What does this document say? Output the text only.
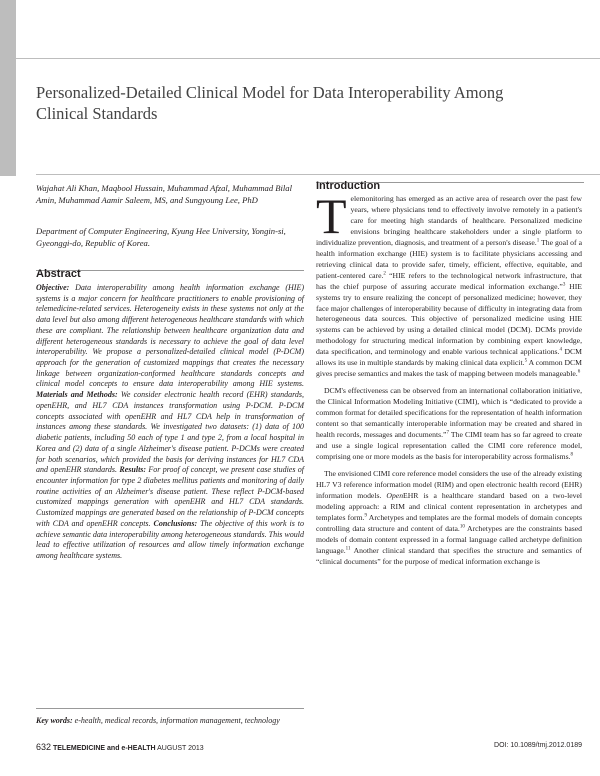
Personalized-Detailed Clinical Model for Data Interoperability Among Clinical Standards
Wajahat Ali Khan, Maqbool Hussain, Muhammad Afzal, Muhammad Bilal Amin, Muhammad Aamir Saleem, MS, and Sungyoung Lee, PhD
Department of Computer Engineering, Kyung Hee University, Yongin-si, Gyeonggi-do, Republic of Korea.
Abstract

Objective: Data interoperability among health information exchange (HIE) systems is a major concern for healthcare practitioners to enable provisioning of telemedicine-related services. Heterogeneity exists in these systems not only at the data level but also among different heterogeneous healthcare standards with which these are compliant. The relationship between healthcare organization data and different heterogeneous standards is necessary to achieve the goal of data level interoperability. We propose a personalized-detailed clinical model (P-DCM) approach for the generation of customized mappings that creates the necessary linkage between organization-conformed healthcare standards concepts and clinical model concepts to ensure data interoperability among HIE systems. Materials and Methods: We consider electronic health record (EHR) standards, openEHR, and HL7 CDA instances transformation using P-DCM. P-DCM concepts associated with openEHR and HL7 CDA help in transformation of instances among these standards. We investigated two datasets: (1) data of 100 diabetic patients, including 50 each of type 1 and type 2, from a local hospital in Korea and (2) data of a single Alzheimer's disease patient. P-DCMs were created for both scenarios, which provided the basis for deriving instances for HL7 CDA and openEHR standards. Results: For proof of concept, we present case studies of encounter information for type 2 diabetes mellitus patients and monitoring of daily routine activities of an Alzheimer's disease patient. These reflect P-DCM-based customized mappings generation with openEHR and HL7 CDA standards. Customized mappings are generated based on the relationship of P-DCM concepts with CDA and openEHR concepts. Conclusions: The objective of this work is to achieve semantic data interoperability among heterogeneous standards. This would lead to effective utilization of resources and allow timely information exchange among healthcare systems.

Key words: e-health, medical records, information management, technology

Introduction

Telemonitoring has emerged as an active area of research over the past few years, where physicians tend to effectively involve remotely in a patient's care for meeting high standards of healthcare. Personalized medicine envisions bringing healthcare stakeholders under a single platform to individualize prevention, diagnosis, and treatment of a person's disease.$^1$ The goal of a health information exchange (HIE) system is to facilitate physicians accessing and retrieving clinical data to provide safer, timely, efficient, effective, equitable, and patient-centered care.$^2$ “HIE refers to the technological network infrastructure, that has the chief purpose of assuring accurate medical information exchange.”$^3$ HIE systems try to ensure realizing the concept of personalized medicine; however, they face major challenges of interoperability because of difficulty in integrating data from heterogeneous data sources. This objective of personalized medicine using HIE systems can be achieved by using a detailed clinical model (DCM). DCMs provide methodology for structuring medical information by combining expert knowledge, data specification, and terminology and enable various technical applications.$^4$ DCM allows its use in multiple standards by making clinical data explicit.$^5$ A common DCM gives precise semantics and makes the task of mapping between models manageable.$^6$

DCM's effectiveness can be observed from an international collaboration initiative, the Clinical Information Modeling Initiative (CIMI), which is “dedicated to provide a common format for detailed specifications for the representation of health information content so that semantically interoperable information may be created and shared in health records, messages and documents.”$^7$ The CIMI team has so far agreed to create and use a single logical representation called the CIMI core reference model, comprising one or more models as the basis for interoperability across formalisms.$^8$

The envisioned CIMI core reference model considers the use of the already existing HL7 V3 reference information model (RIM) and open electronic health record (EHR) information models. OpenEHR is a healthcare standard based on a two-level modeling approach: a RIM and clinical content representation in archetypes and templates form.$^9$ Archetypes and templates are the formal models of domain concepts controlling data structure and content of data.$^{10}$ Archetypes are the constraints based models of domain content expressed in a formal language called archetype definition language.$^{11}$ Another clinical standard that specifies the structure and semantics of “clinical documents” for the purpose of medical information exchange is

632 TELEMEDICINE and e-HEALTH AUGUST 2013	DOI: 10.1089/tmj.2012.0189
